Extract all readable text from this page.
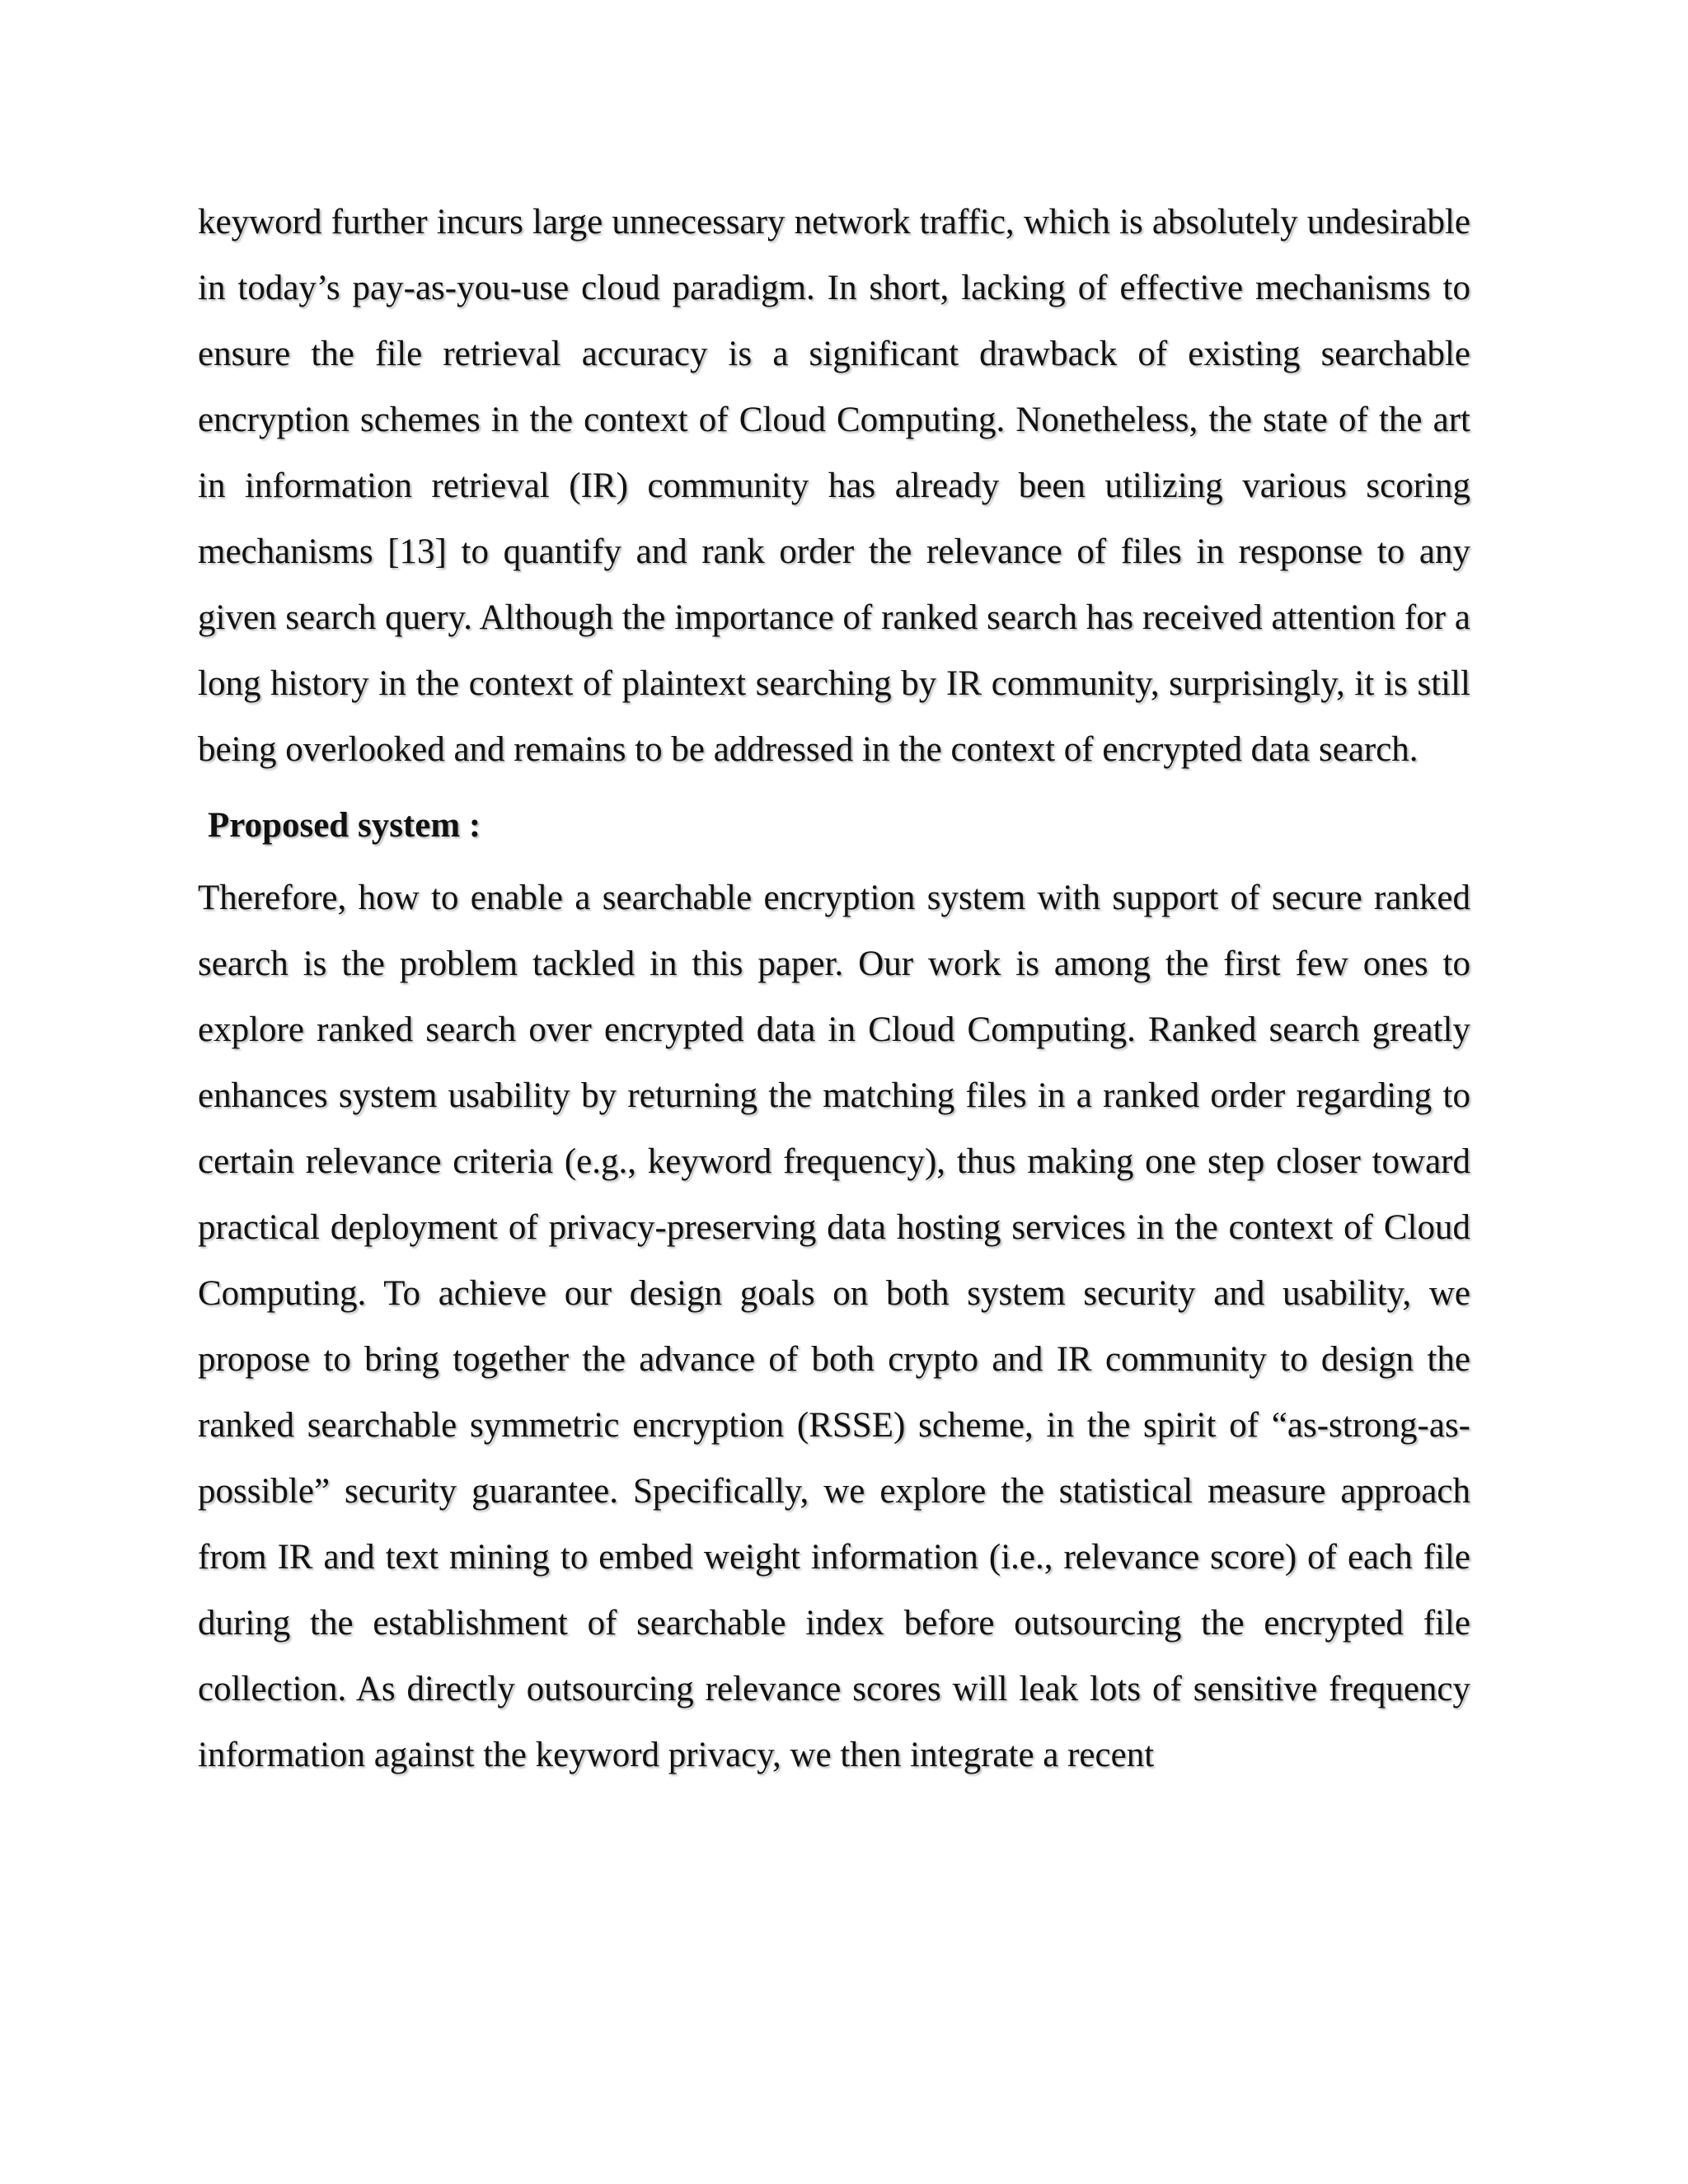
keyword further incurs large unnecessary network traffic, which is absolutely undesirable in today’s pay-as-you-use cloud paradigm. In short, lacking of effective mechanisms to ensure the file retrieval accuracy is a significant drawback of existing searchable encryption schemes in the context of Cloud Computing. Nonetheless, the state of the art in information retrieval (IR) community has already been utilizing various scoring mechanisms [13] to quantify and rank order the relevance of files in response to any given search query. Although the importance of ranked search has received attention for a long history in the context of plaintext searching by IR community, surprisingly, it is still being overlooked and remains to be addressed in the context of encrypted data search.

Proposed system :

Therefore, how to enable a searchable encryption system with support of secure ranked search is the problem tackled in this paper. Our work is among the first few ones to explore ranked search over encrypted data in Cloud Computing. Ranked search greatly enhances system usability by returning the matching files in a ranked order regarding to certain relevance criteria (e.g., keyword frequency), thus making one step closer toward practical deployment of privacy-preserving data hosting services in the context of Cloud Computing. To achieve our design goals on both system security and usability, we propose to bring together the advance of both crypto and IR community to design the ranked searchable symmetric encryption (RSSE) scheme, in the spirit of “as-strong-as-possible” security guarantee. Specifically, we explore the statistical measure approach from IR and text mining to embed weight information (i.e., relevance score) of each file during the establishment of searchable index before outsourcing the encrypted file collection. As directly outsourcing relevance scores will leak lots of sensitive frequency information against the keyword privacy, we then integrate a recent
